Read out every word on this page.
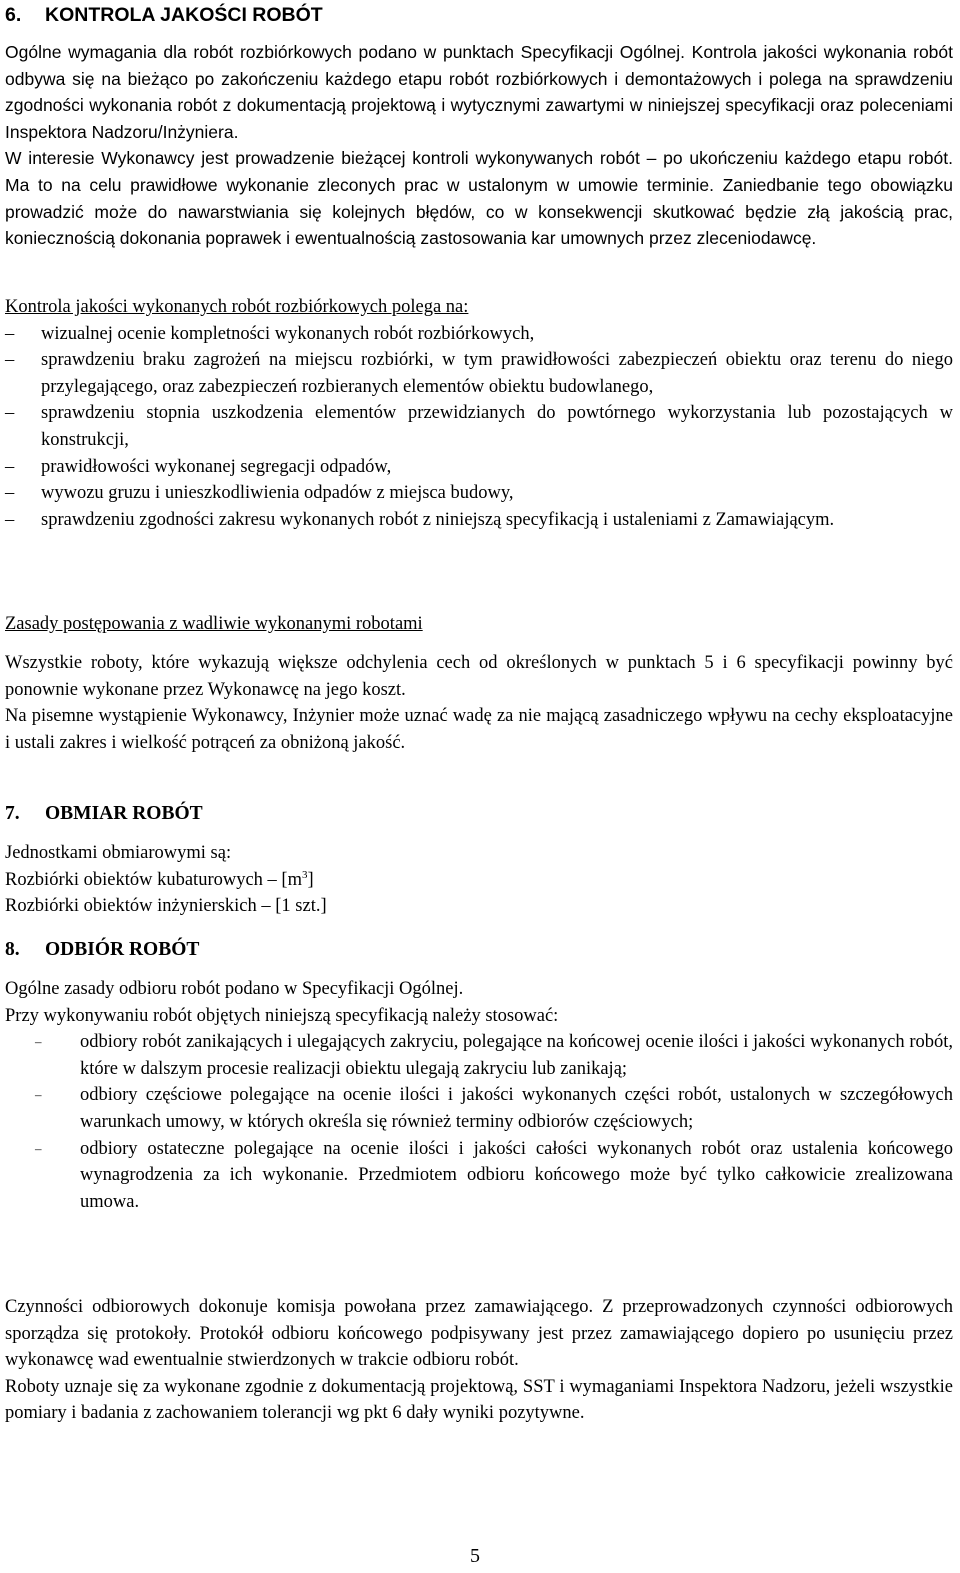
6. KONTROLA JAKOŚCI ROBÓT

Ogólne wymagania dla robót rozbiórkowych podano w punktach Specyfikacji Ogólnej. Kontrola jakości wykonania robót odbywa się na bieżąco po zakończeniu każdego etapu robót rozbiórkowych i demontażowych i polega na sprawdzeniu zgodności wykonania robót z dokumentacją projektową i wytycznymi zawartymi w niniejszej specyfikacji oraz poleceniami Inspektora Nadzoru/Inżyniera.

W interesie Wykonawcy jest prowadzenie bieżącej kontroli wykonywanych robót – po ukończeniu każdego etapu robót. Ma to na celu prawidłowe wykonanie zleconych prac w ustalonym w umowie terminie. Zaniedbanie tego obowiązku prowadzić może do nawarstwiania się kolejnych błędów, co w konsekwencji skutkować będzie złą jakością prac, koniecznością dokonania poprawek i ewentualnością zastosowania kar umownych przez zleceniodawcę.

Kontrola jakości wykonanych robót rozbiórkowych polega na:

– wizualnej ocenie kompletności wykonanych robót rozbiórkowych,
– sprawdzeniu braku zagrożeń na miejscu rozbiórki, w tym prawidłowości zabezpieczeń obiektu oraz terenu do niego przylegającego, oraz zabezpieczeń rozbieranych elementów obiektu budowlanego,
– sprawdzeniu stopnia uszkodzenia elementów przewidzianych do powtórnego wykorzystania lub pozostających w konstrukcji,
– prawidłowości wykonanej segregacji odpadów,
– wywozu gruzu i unieszkodliwienia odpadów z miejsca budowy,
– sprawdzeniu zgodności zakresu wykonanych robót z niniejszą specyfikacją i ustaleniami z Zamawiającym.

Zasady postępowania z wadliwie wykonanymi robotami

Wszystkie roboty, które wykazują większe odchylenia cech od określonych w punktach 5 i 6 specyfikacji powinny być ponownie wykonane przez Wykonawcę na jego koszt.

Na pisemne wystąpienie Wykonawcy, Inżynier może uznać wadę za nie mającą zasadniczego wpływu na cechy eksploatacyjne i ustali zakres i wielkość potrąceń za obniżoną jakość.

7. OBMIAR ROBÓT

Jednostkami obmiarowymi są:

Rozbiórki obiektów kubaturowych – $[m^3]$

Rozbiórki obiektów inżynierskich – [1 szt.]

8. ODBIÓR ROBÓT

Ogólne zasady odbioru robót podano w Specyfikacji Ogólnej.

Przy wykonywaniu robót objętych niniejszą specyfikacją należy stosować:

– odbiory robót zanikających i ulegających zakryciu, polegające na końcowej ocenie ilości i jakości wykonanych robót, które w dalszym procesie realizacji obiektu ulegają zakryciu lub zanikają;
– odbiory częściowe polegające na ocenie ilości i jakości wykonanych części robót, ustalonych w szczegółowych warunkach umowy, w których określa się również terminy odbiorów częściowych;
– odbiory ostateczne polegające na ocenie ilości i jakości całości wykonanych robót oraz ustalenia końcowego wynagrodzenia za ich wykonanie. Przedmiotem odbioru końcowego może być tylko całkowicie zrealizowana umowa.

Czynności odbiorowych dokonuje komisja powołana przez zamawiającego. Z przeprowadzonych czynności odbiorowych sporządza się protokoły. Protokół odbioru końcowego podpisywany jest przez zamawiającego dopiero po usunięciu przez wykonawcę wad ewentualnie stwierdzonych w trakcie odbioru robót.

Roboty uznaje się za wykonane zgodnie z dokumentacją projektową, SST i wymaganiami Inspektora Nadzoru, jeżeli wszystkie pomiary i badania z zachowaniem tolerancji wg pkt 6 dały wyniki pozytywne.

5
